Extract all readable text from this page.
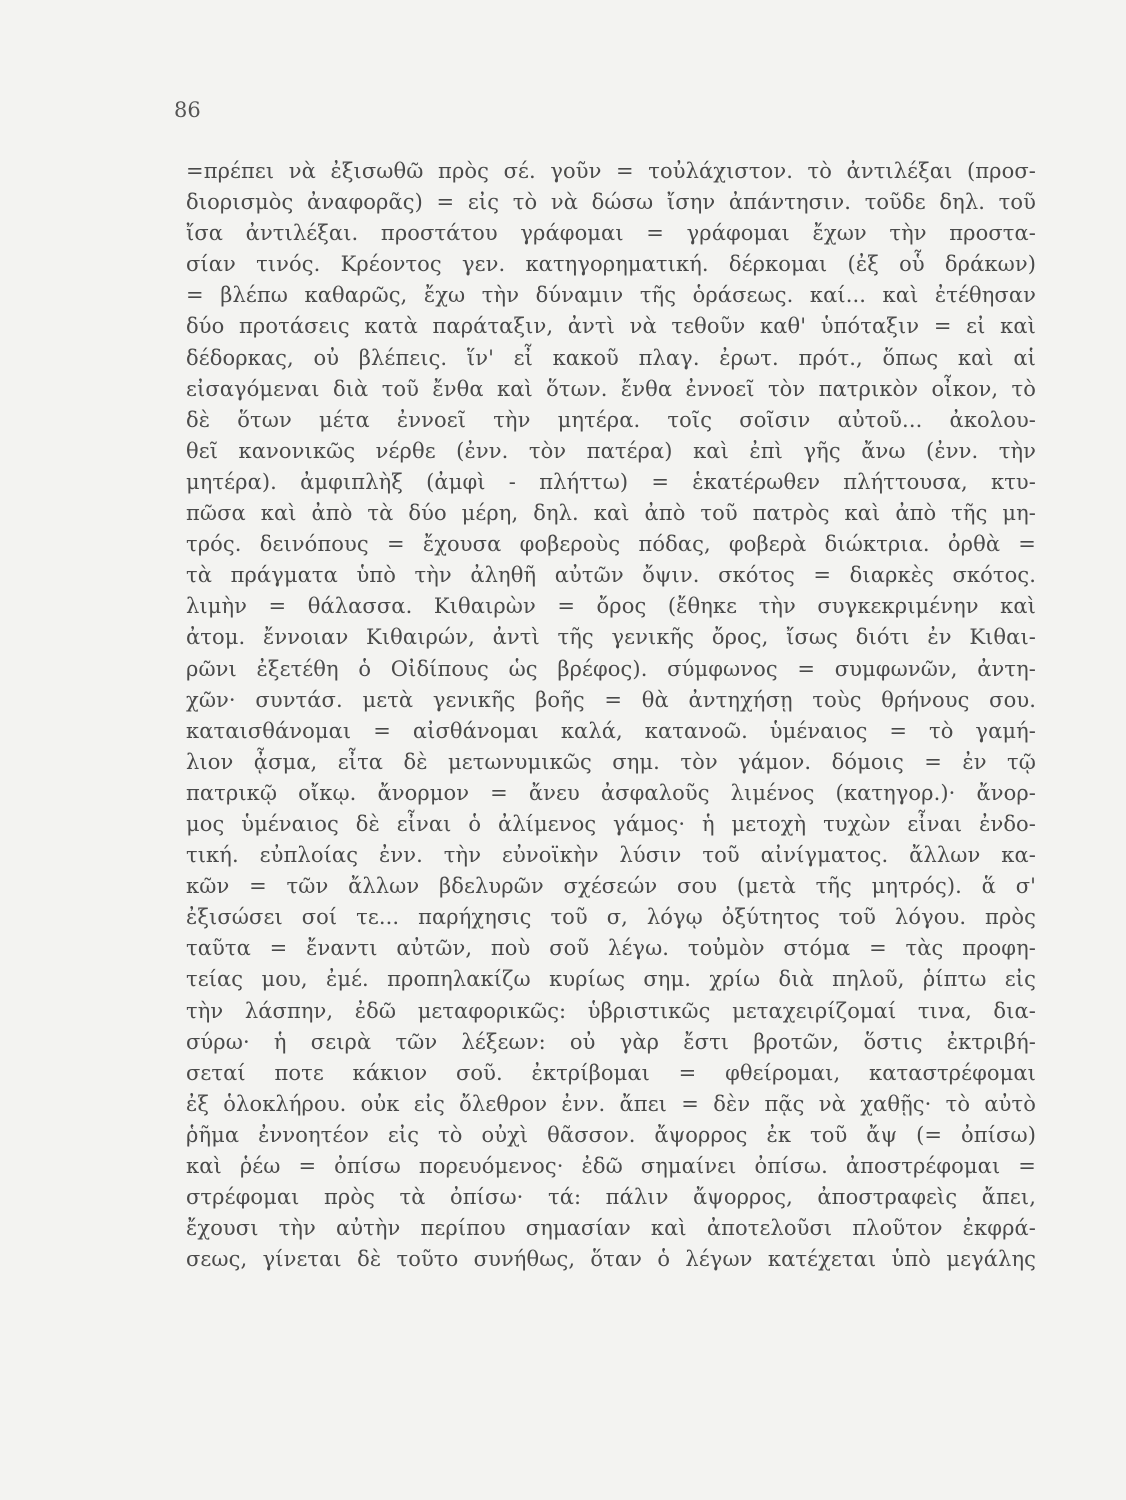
86
=πρέπει νὰ ἐξισωθῶ πρὸς σέ. γοῦν = τοὐλάχιστον. τὸ ἀντιλέξαι (προσ-
διορισμὸς ἀναφορᾶς) = εἰς τὸ νὰ δώσω ἴσην ἀπάντησιν. τοῦδε δηλ. τοῦ
ἴσα ἀντιλέξαι. προστάτου γράφομαι = γράφομαι ἔχων τὴν προστα-
σίαν τινός. Κρέοντος γεν. κατηγορηματική. δέρκομαι (ἐξ οὗ δράκων)
= βλέπω καθαρῶς, ἔχω τὴν δύναμιν τῆς ὁράσεως. καί... καὶ ἐτέθησαν
δύο προτάσεις κατὰ παράταξιν, ἀντὶ νὰ τεθοῦν καθ' ὑπόταξιν = εἰ καὶ
δέδορκας, οὐ βλέπεις. ἵν' εἶ κακοῦ πλαγ. ἐρωτ. πρότ., ὅπως καὶ αἱ
εἰσαγόμεναι διὰ τοῦ ἔνθα καὶ ὅτων. ἔνθα ἐννοεῖ τὸν πατρικὸν οἶκον, τὸ
δὲ ὅτων μέτα ἐννοεῖ τὴν μητέρα. τοῖς σοῖσιν αὐτοῦ... ἀκολου-
θεῖ κανονικῶς νέρθε (ἐνν. τὸν πατέρα) καὶ ἐπὶ γῆς ἄνω (ἐνν. τὴν
μητέρα). ἀμφιπλὴξ (ἀμφὶ - πλήττω) = ἑκατέρωθεν πλήττουσα, κτυ-
πῶσα καὶ ἀπὸ τὰ δύο μέρη, δηλ. καὶ ἀπὸ τοῦ πατρὸς καὶ ἀπὸ τῆς μη-
τρός. δεινόπους = ἔχουσα φοβεροὺς πόδας, φοβερὰ διώκτρια. ὀρθὰ =
τὰ πράγματα ὑπὸ τὴν ἀληθῆ αὐτῶν ὄψιν. σκότος = διαρκὲς σκότος.
λιμὴν = θάλασσα. Κιθαιρὼν = ὄρος (ἔθηκε τὴν συγκεκριμένην καὶ
ἀτομ. ἔννοιαν Κιθαιρών, ἀντὶ τῆς γενικῆς ὄρος, ἴσως διότι ἐν Κιθαι-
ρῶνι ἐξετέθη ὁ Οἰδίπους ὡς βρέφος). σύμφωνος = συμφωνῶν, ἀντη-
χῶν· συντάσ. μετὰ γενικῆς βοῆς = θὰ ἀντηχήσῃ τοὺς θρήνους σου.
καταισθάνομαι = αἰσθάνομαι καλά, κατανοῶ. ὑμέναιος = τὸ γαμή-
λιον ᾆσμα, εἶτα δὲ μετωνυμικῶς σημ. τὸν γάμον. δόμοις = ἐν τῷ
πατρικῷ οἴκῳ. ἄνορμον = ἄνευ ἀσφαλοῦς λιμένος (κατηγορ.)· ἄνορ-
μος ὑμέναιος δὲ εἶναι ὁ ἀλίμενος γάμος· ἡ μετοχὴ τυχὼν εἶναι ἐνδο-
τική. εὐπλοίας ἐνν. τὴν εὐνοϊκὴν λύσιν τοῦ αἰνίγματος. ἄλλων κα-
κῶν = τῶν ἄλλων βδελυρῶν σχέσεών σου (μετὰ τῆς μητρός). ἅ σ'
ἐξισώσει σοί τε... παρήχησις τοῦ σ, λόγῳ ὀξύτητος τοῦ λόγου. πρὸς
ταῦτα = ἔναντι αὐτῶν, ποὺ σοῦ λέγω. τοὐμὸν στόμα = τὰς προφη-
τείας μου, ἐμέ. προπηλακίζω κυρίως σημ. χρίω διὰ πηλοῦ, ῥίπτω εἰς
τὴν λάσπην, ἐδῶ μεταφορικῶς: ὑβριστικῶς μεταχειρίζομαί τινα, δια-
σύρω· ἡ σειρὰ τῶν λέξεων: οὐ γὰρ ἔστι βροτῶν, ὅστις ἐκτριβή-
σεταί ποτε κάκιον σοῦ. ἐκτρίβομαι = φθείρομαι, καταστρέφομαι
ἐξ ὁλοκλήρου. οὐκ εἰς ὄλεθρον ἐνν. ἄπει = δὲν πᾷς νὰ χαθῇς· τὸ αὐτὸ
ῥῆμα ἐννοητέον εἰς τὸ οὐχὶ θᾶσσον. ἄψορρος ἐκ τοῦ ἄψ (= ὀπίσω)
καὶ ῥέω = ὀπίσω πορευόμενος· ἐδῶ σημαίνει ὀπίσω. ἀποστρέφομαι =
στρέφομαι πρὸς τὰ ὀπίσω· τά: πάλιν ἄψορρος, ἀποστραφεὶς ἄπει,
ἔχουσι τὴν αὐτὴν περίπου σημασίαν καὶ ἀποτελοῦσι πλοῦτον ἐκφρά-
σεως, γίνεται δὲ τοῦτο συνήθως, ὅταν ὁ λέγων κατέχεται ὑπὸ μεγάλης
